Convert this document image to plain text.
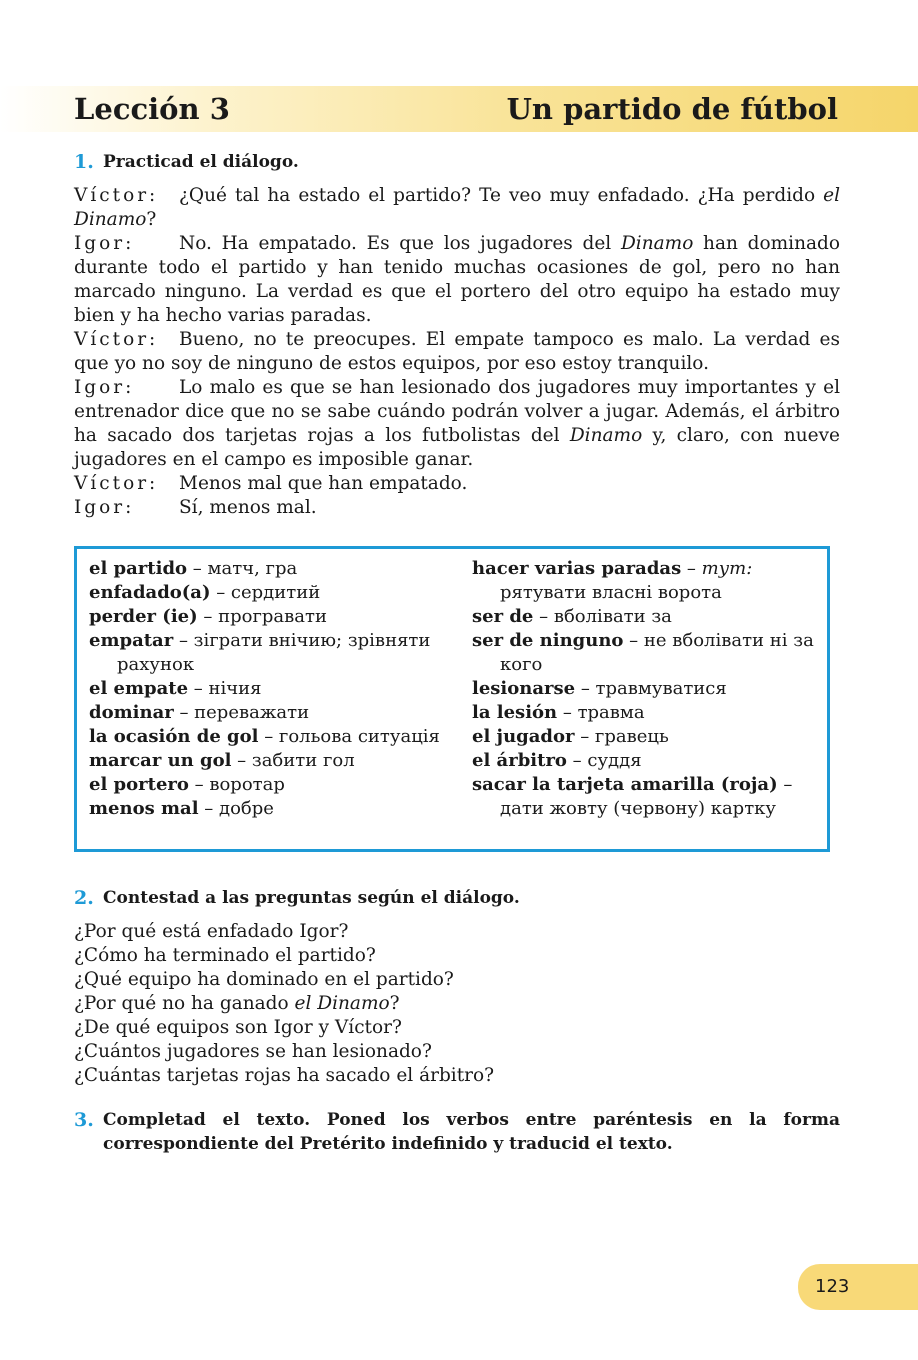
Lección 3	Un partido de fútbol
1. Practicad el diálogo.

Víctor: ¿Qué tal ha estado el partido? Te veo muy enfadado. ¿Ha perdido el Dinamo?

Igor: No. Ha empatado. Es que los jugadores del Dinamo han dominado durante todo el partido y han tenido muchas ocasiones de gol, pero no han marcado ninguno. La verdad es que el portero del otro equipo ha estado muy bien y ha hecho varias paradas.

Víctor: Bueno, no te preocupes. El empate tampoco es malo. La verdad es que yo no soy de ninguno de estos equipos, por eso estoy tranquilo.

Igor: Lo malo es que se han lesionado dos jugadores muy importantes y el entrenador dice que no se sabe cuándo podrán volver a jugar. Además, el árbitro ha sacado dos tarjetas rojas a los futbolistas del Dinamo y, claro, con nueve jugadores en el campo es imposible ganar.

Víctor: Menos mal que han empatado.

Igor: Sí, menos mal.

el partido – матч, гра

enfadado(a) – сердитий

perder (ie) – програвати

empatar – зіграти внічию; зрівняти рахунок

el empate – нічия

dominar – переважати

la ocasión de gol – гольова ситуація

marcar un gol – забити гол

el portero – воротар

menos mal – добре

hacer varias paradas – тут: рятувати власні ворота

ser de – вболівати за

ser de ninguno – не вболівати ні за кого

lesionarse – травмуватися

la lesión – травма

el jugador – гравець

el árbitro – суддя

sacar la tarjeta amarilla (roja) – дати жовту (червону) картку

2. Contestad a las preguntas según el diálogo.

¿Por qué está enfadado Igor?

¿Cómo ha terminado el partido?

¿Qué equipo ha dominado en el partido?

¿Por qué no ha ganado el Dinamo?

¿De qué equipos son Igor y Víctor?

¿Cuántos jugadores se han lesionado?

¿Cuántas tarjetas rojas ha sacado el árbitro?

3. Completad el texto. Poned los verbos entre paréntesis en la forma correspondiente del Pretérito indefinido y traducid el texto.
123
